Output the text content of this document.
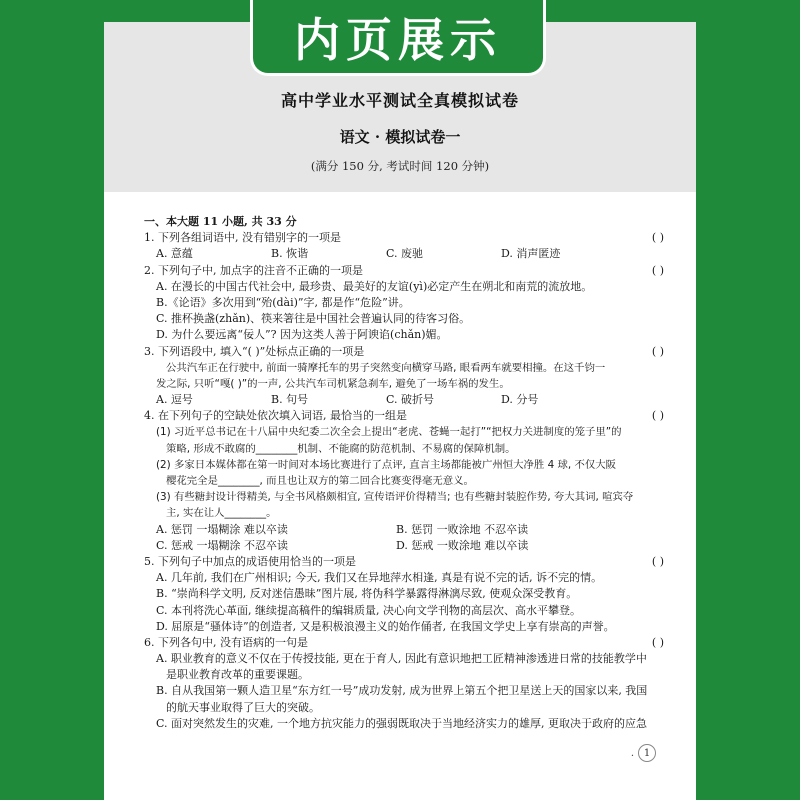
内页展示
高中学业水平测试全真模拟试卷
语文 · 模拟试卷一
(满分 150 分, 考试时间 120 分钟)
一、本大题 11 小题, 共 33 分
1. 下列各组词语中, 没有错别字的一项是	( )
A. 意蕴	B. 恢谐	C. 废驰	D. 消声匿迹
2. 下列句子中, 加点字的注音不正确的一项是	( )
A. 在漫长的中国古代社会中, 最珍贵、最美好的友谊(yì)必定产生在朔北和南荒的流放地。
B.《论语》多次用到“殆(dài)”字, 都是作“危险”讲。
C. 推杯换盏(zhǎn)、筷来箸往是中国社会普遍认同的待客习俗。
D. 为什么要远离“佞人”? 因为这类人善于阿谀谄(chǎn)媚。
3. 下列语段中, 填入“( )”处标点正确的一项是	( )
公共汽车正在行驶中, 前面一骑摩托车的男子突然变向横穿马路, 眼看两车就要相撞。在这千钧一
发之际, 只听“嘎( )”的一声, 公共汽车司机紧急刹车, 避免了一场车祸的发生。
A. 逗号	B. 句号	C. 破折号	D. 分号
4. 在下列句子的空缺处依次填入词语, 最恰当的一组是	( )
(1) 习近平总书记在十八届中央纪委二次全会上提出“老虎、苍蝇一起打”“把权力关进制度的笼子里”的
策略, 形成不敢腐的________机制、不能腐的防范机制、不易腐的保障机制。
(2) 多家日本媒体都在第一时间对本场比赛进行了点评, 直言主场都能被广州恒大净胜 4 球, 不仅大阪
樱花完全是________, 而且也让双方的第二回合比赛变得毫无意义。
(3) 有些糖封设计得精美, 与全书风格颇相宜, 宣传语评价得精当; 也有些糖封装腔作势, 夸大其词, 喧宾夺
主, 实在让人________。
A. 惩罚 一塌糊涂 难以卒读	B. 惩罚 一败涂地 不忍卒读
C. 惩戒 一塌糊涂 不忍卒读	D. 惩戒 一败涂地 难以卒读
5. 下列句子中加点的成语使用恰当的一项是	( )
A. 几年前, 我们在广州相识; 今天, 我们又在异地萍水相逢, 真是有说不完的话, 诉不完的情。
B. “崇尚科学文明, 反对迷信愚昧”图片展, 将伪科学暴露得淋漓尽致, 使观众深受教育。
C. 本刊将洗心革面, 继续提高稿件的编辑质量, 决心向文学刊物的高层次、高水平攀登。
D. 屈原是“骚体诗”的创造者, 又是积极浪漫主义的始作俑者, 在我国文学史上享有崇高的声誉。
6. 下列各句中, 没有语病的一句是	( )
A. 职业教育的意义不仅在于传授技能, 更在于育人, 因此有意识地把工匠精神渗透进日常的技能教学中
是职业教育改革的重要课题。
B. 自从我国第一颗人造卫星“东方红一号”成功发射, 成为世界上第五个把卫星送上天的国家以来, 我国
的航天事业取得了巨大的突破。
C. 面对突然发生的灾难, 一个地方抗灾能力的强弱既取决于当地经济实力的雄厚, 更取决于政府的应急
. 1
